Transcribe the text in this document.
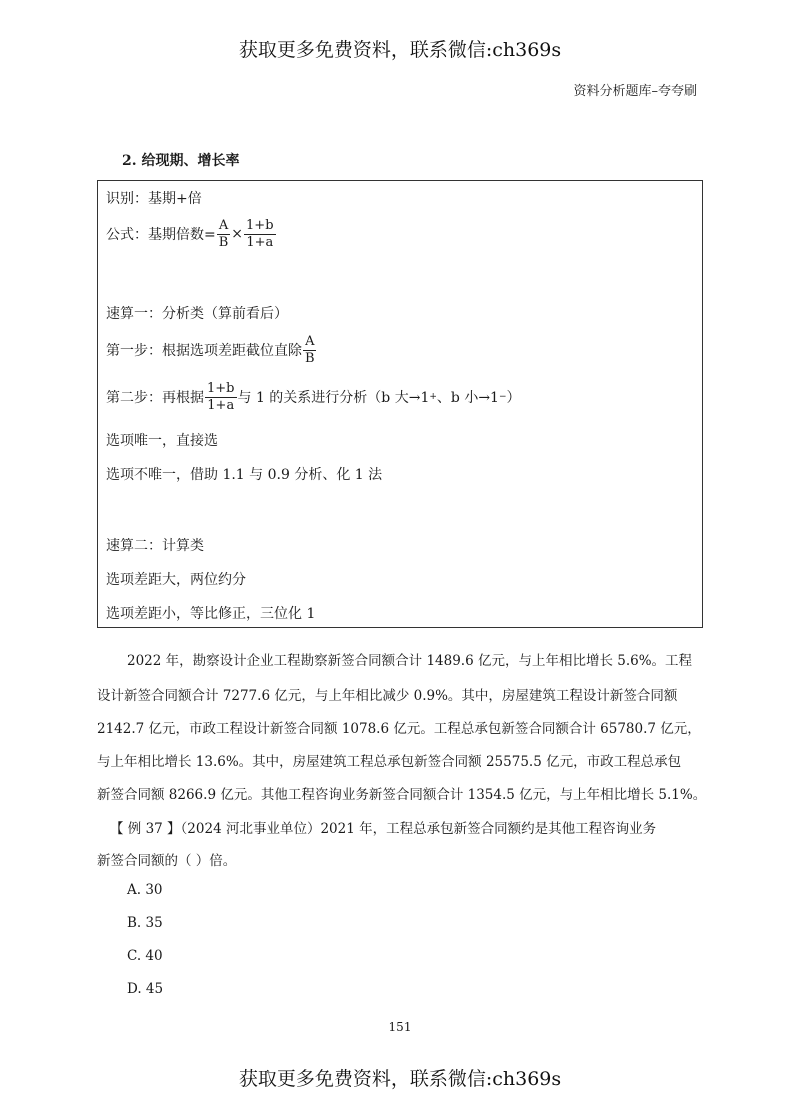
获取更多免费资料，联系微信:ch369s
资料分析题库–夸夸刷
2. 给现期、增长率
识别：基期+倍
公式：基期倍数= $\frac{A}{B} \times \frac{1+b}{1+a}$
速算一：分析类（算前看后）
第一步：根据选项差距截位直除 $\frac{A}{B}$
第二步：再根据 $\frac{1+b}{1+a}$ 与 1 的关系进行分析（b 大→1 + 、b 小→1 − ）
选项唯一，直接选
选项不唯一，借助 1.1 与 0.9 分析、化 1 法
速算二：计算类
选项差距大，两位约分
选项差距小，等比修正，三位化 1
2022 年，勘察设计企业工程勘察新签合同额合计 1489.6 亿元，与上年相比增长 5.6%。工程
设计新签合同额合计 7277.6 亿元，与上年相比减少 0.9%。其中，房屋建筑工程设计新签合同额
2142.7 亿元，市政工程设计新签合同额 1078.6 亿元。工程总承包新签合同额合计 65780.7 亿元，
与上年相比增长 13.6%。其中，房屋建筑工程总承包新签合同额 25575.5 亿元，市政工程总承包
新签合同额 8266.9 亿元。其他工程咨询业务新签合同额合计 1354.5 亿元，与上年相比增长 5.1%。
【 例 37 】（2024 河北事业单位）2021 年，工程总承包新签合同额约是其他工程咨询业务
新签合同额的（ ）倍。
A. 30
B. 35
C. 40
D. 45
151
获取更多免费资料，联系微信:ch369s
